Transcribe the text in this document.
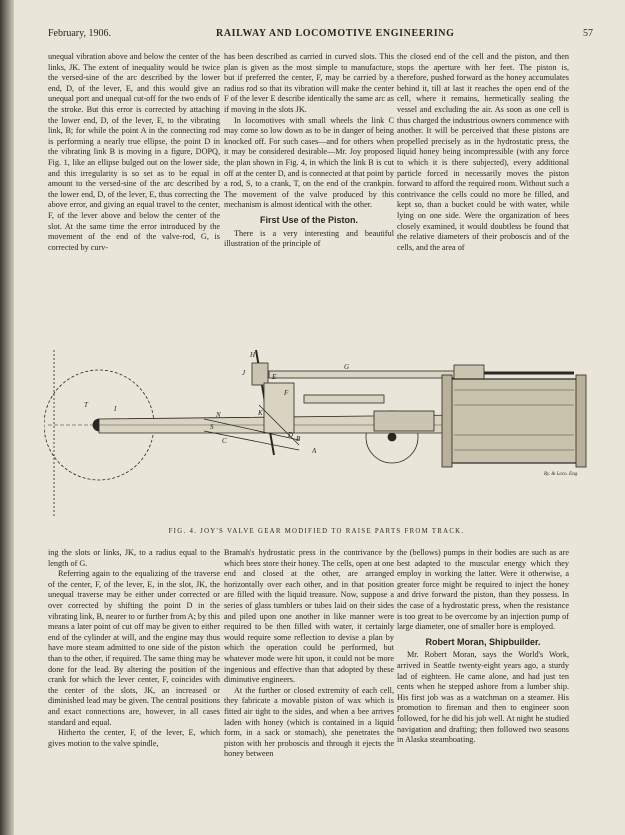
February, 1906.	RAILWAY AND LOCOMOTIVE ENGINEERING	57

unequal vibration above and below the center of the links, JK. The extent of inequality would be twice the versed-sine of the arc described by the lower end, D, of the lever, E, and this would give an unequal port and unequal cut-off for the two ends of the stroke. But this error is corrected by attaching the lower end, D, of the lever, E, to the vibrating link, B; for while the point A in the connecting rod is performing a nearly true ellipse, the point D in the vibrating link B is moving in a figure, DOPQ, Fig. 1, like an ellipse bulged out on the lower side, and this irregularity is so set as to be equal in amount to the versed-sine of the arc described by the lower end, D, of the lever, E, thus correcting the above error, and giving an equal travel to the center, F, of the lever above and below the center of the slot. At the same time the error introduced by the movement of the end of the valve-rod, G, is corrected by curv-

has been described as carried in curved slots. This plan is given as the most simple to manufacture, but if preferred the center, F, may be carried by a radius rod so that its vibration will make the center F of the lever E describe identically the same arc as if moving in the slots JK.

In locomotives with small wheels the link C may come so low down as to be in danger of being knocked off. For such cases—and for others when it may be considered desirable—Mr. Joy proposed the plan shown in Fig. 4, in which the link B is cut off at the center D, and is connected at that point by a rod, S, to a crank, T, on the end of the crankpin. The movement of the valve produced by this mechanism is almost identical with the other.

First Use of the Piston.

There is a very interesting and beautiful illustration of the principle of

the closed end of the cell and the piston, and then stops the aperture with her feet. The piston is, therefore, pushed forward as the honey accumulates behind it, till at last it reaches the open end of the cell, where it remains, hermetically sealing the vessel and excluding the air. As soon as one cell is thus charged the industrious owners commence with another. It will be perceived that these pistons are propelled precisely as in the hydrostatic press, the liquid honey being incompressible (with any force to which it is there subjected), every additional particle forced in necessarily moves the piston forward to afford the required room. Without such a contrivance the cells could no more be filled, and kept so, than a bucket could be with water, while lying on one side. Were the organization of bees closely examined, it would doubtless be found that the relative diameters of their proboscis and of the cells, and the area of

H
J
K
G
E
F
A
B
D
N
S
T
C
I
Ry. & Loco. Eng.
FIG. 4. JOY'S VALVE GEAR MODIFIED TO RAISE PARTS FROM TRACK.

ing the slots or links, JK, to a radius equal to the length of G.

Referring again to the equalizing of the traverse of the center, F, of the lever, E, in the slot, JK, the unequal traverse may be either under corrected or over corrected by shifting the point D in the vibrating link, B, nearer to or further from A; by this means a later point of cut off may be given to either end of the cylinder at will, and the engine may thus have more steam admitted to one side of the piston than to the other, if required. The same thing may be done for the lead. By altering the position of the crank for which the lever center, F, coincides with the center of the slots, JK, an increased or diminished lead may be given. The central positions and exact connections are, however, in all cases standard and equal.

Hitherto the center, F, of the lever, E, which gives motion to the valve spindle,

Bramah's hydrostatic press in the contrivance by which bees store their honey. The cells, open at one end and closed at the other, are arranged horizontally over each other, and in that position are filled with the liquid treasure. Now, suppose a series of glass tumblers or tubes laid on their sides and piled upon one another in like manner were required to be then filled with water, it certainly would require some reflection to devise a plan by which the operation could be performed, but whatever mode were hit upon, it could not be more ingenious and effective than that adopted by these diminutive engineers.

At the further or closed extremity of each cell, they fabricate a movable piston of wax which is fitted air tight to the sides, and when a bee arrives laden with honey (which is contained in a liquid form, in a sack or stomach), she penetrates the piston with her proboscis and through it ejects the honey between

the (bellows) pumps in their bodies are such as are best adapted to the muscular energy which they employ in working the latter. Were it otherwise, a greater force might be required to inject the honey and drive forward the piston, than they possess. In the case of a hydrostatic press, when the resistance is too great to be overcome by an injection pump of large diameter, one of smaller bore is employed.

Robert Moran, Shipbuilder.

Mr. Robert Moran, says the World's Work, arrived in Seattle twenty-eight years ago, a sturdy lad of eighteen. He came alone, and had just ten cents when he stepped ashore from a lumber ship. His first job was as a watchman on a steamer. His promotion to fireman and then to engineer soon followed, for he did his job well. At night he studied navigation and drafting; then followed two seasons in Alaska steamboating.
